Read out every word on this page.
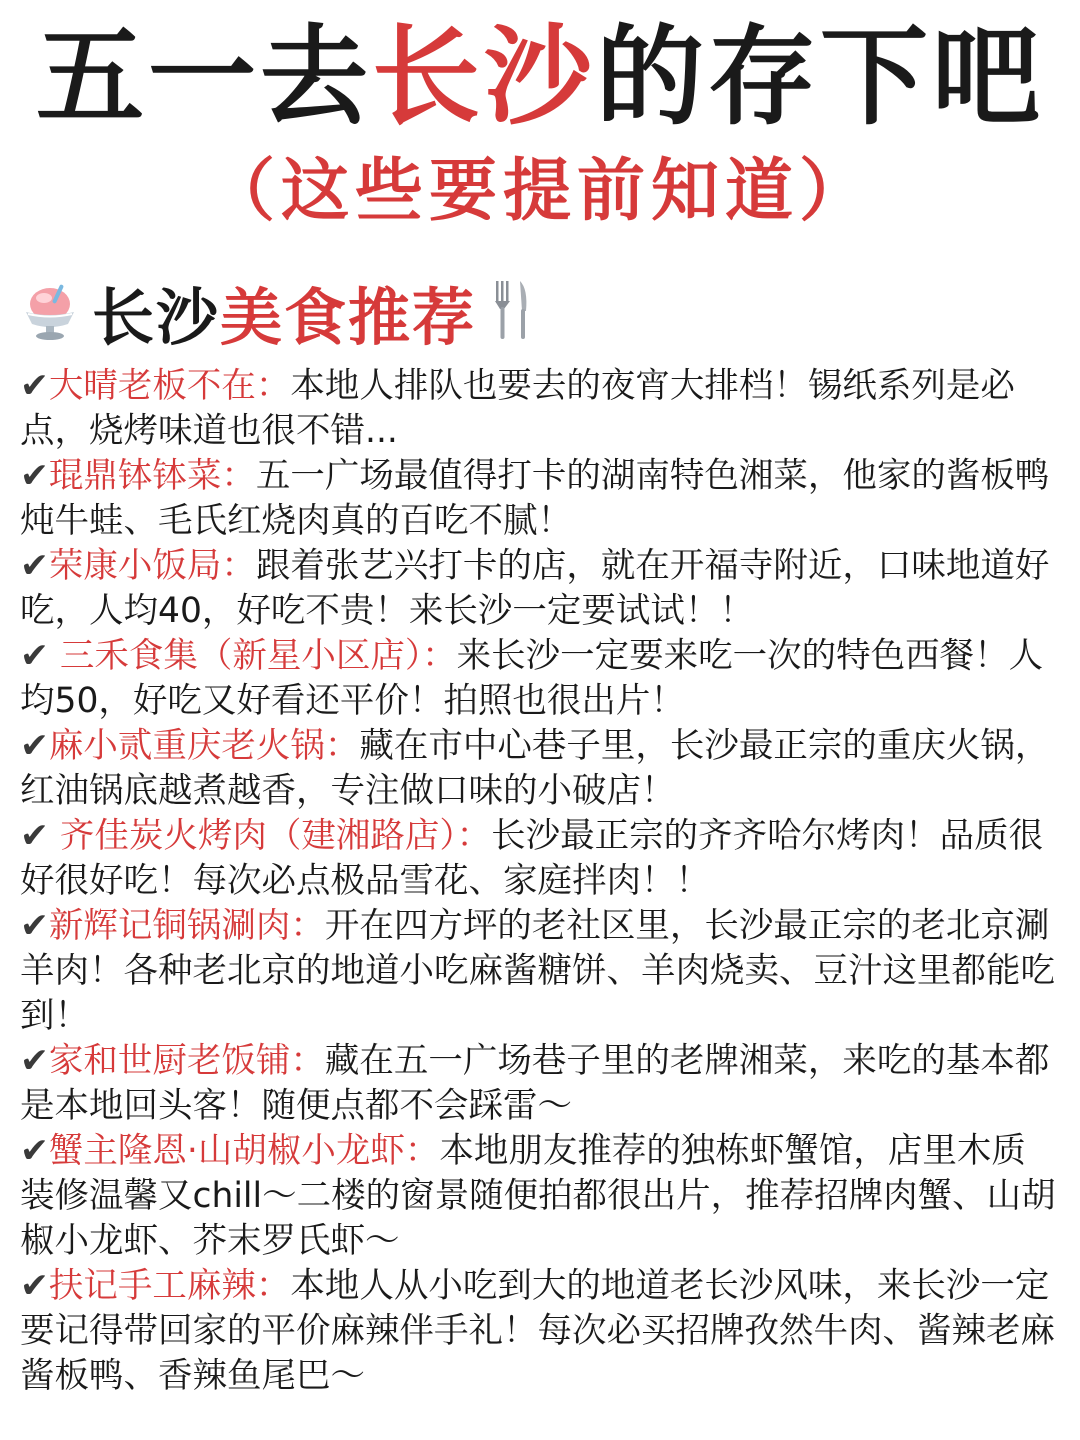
五一去长沙的存下吧
（这些要提前知道）
长沙美食推荐

✔大晴老板不在：本地人排队也要去的夜宵大排档！锡纸系列是必点，烧烤味道也很不错...

✔琨鼎钵钵菜：五一广场最值得打卡的湖南特色湘菜，他家的酱板鸭炖牛蛙、毛氏红烧肉真的百吃不腻！

✔荣康小饭局：跟着张艺兴打卡的店，就在开福寺附近，口味地道好吃，人均40，好吃不贵！来长沙一定要试试！！

✔ 三禾食集（新星小区店）：来长沙一定要来吃一次的特色西餐！人均50，好吃又好看还平价！拍照也很出片！

✔麻小贰重庆老火锅：藏在市中心巷子里，长沙最正宗的重庆火锅，红油锅底越煮越香，专注做口味的小破店！

✔ 齐佳炭火烤肉（建湘路店）：长沙最正宗的齐齐哈尔烤肉！品质很好很好吃！每次必点极品雪花、家庭拌肉！！

✔新辉记铜锅涮肉：开在四方坪的老社区里，长沙最正宗的老北京涮羊肉！各种老北京的地道小吃麻酱糖饼、羊肉烧卖、豆汁这里都能吃到！

✔家和世厨老饭铺：藏在五一广场巷子里的老牌湘菜，来吃的基本都是本地回头客！随便点都不会踩雷～

✔蟹主隆恩·山胡椒小龙虾：本地朋友推荐的独栋虾蟹馆，店里木质装修温馨又chill～二楼的窗景随便拍都很出片，推荐招牌肉蟹、山胡椒小龙虾、芥末罗氏虾～

✔扶记手工麻辣：本地人从小吃到大的地道老长沙风味，来长沙一定要记得带回家的平价麻辣伴手礼！每次必买招牌孜然牛肉、酱辣老麻酱板鸭、香辣鱼尾巴～
